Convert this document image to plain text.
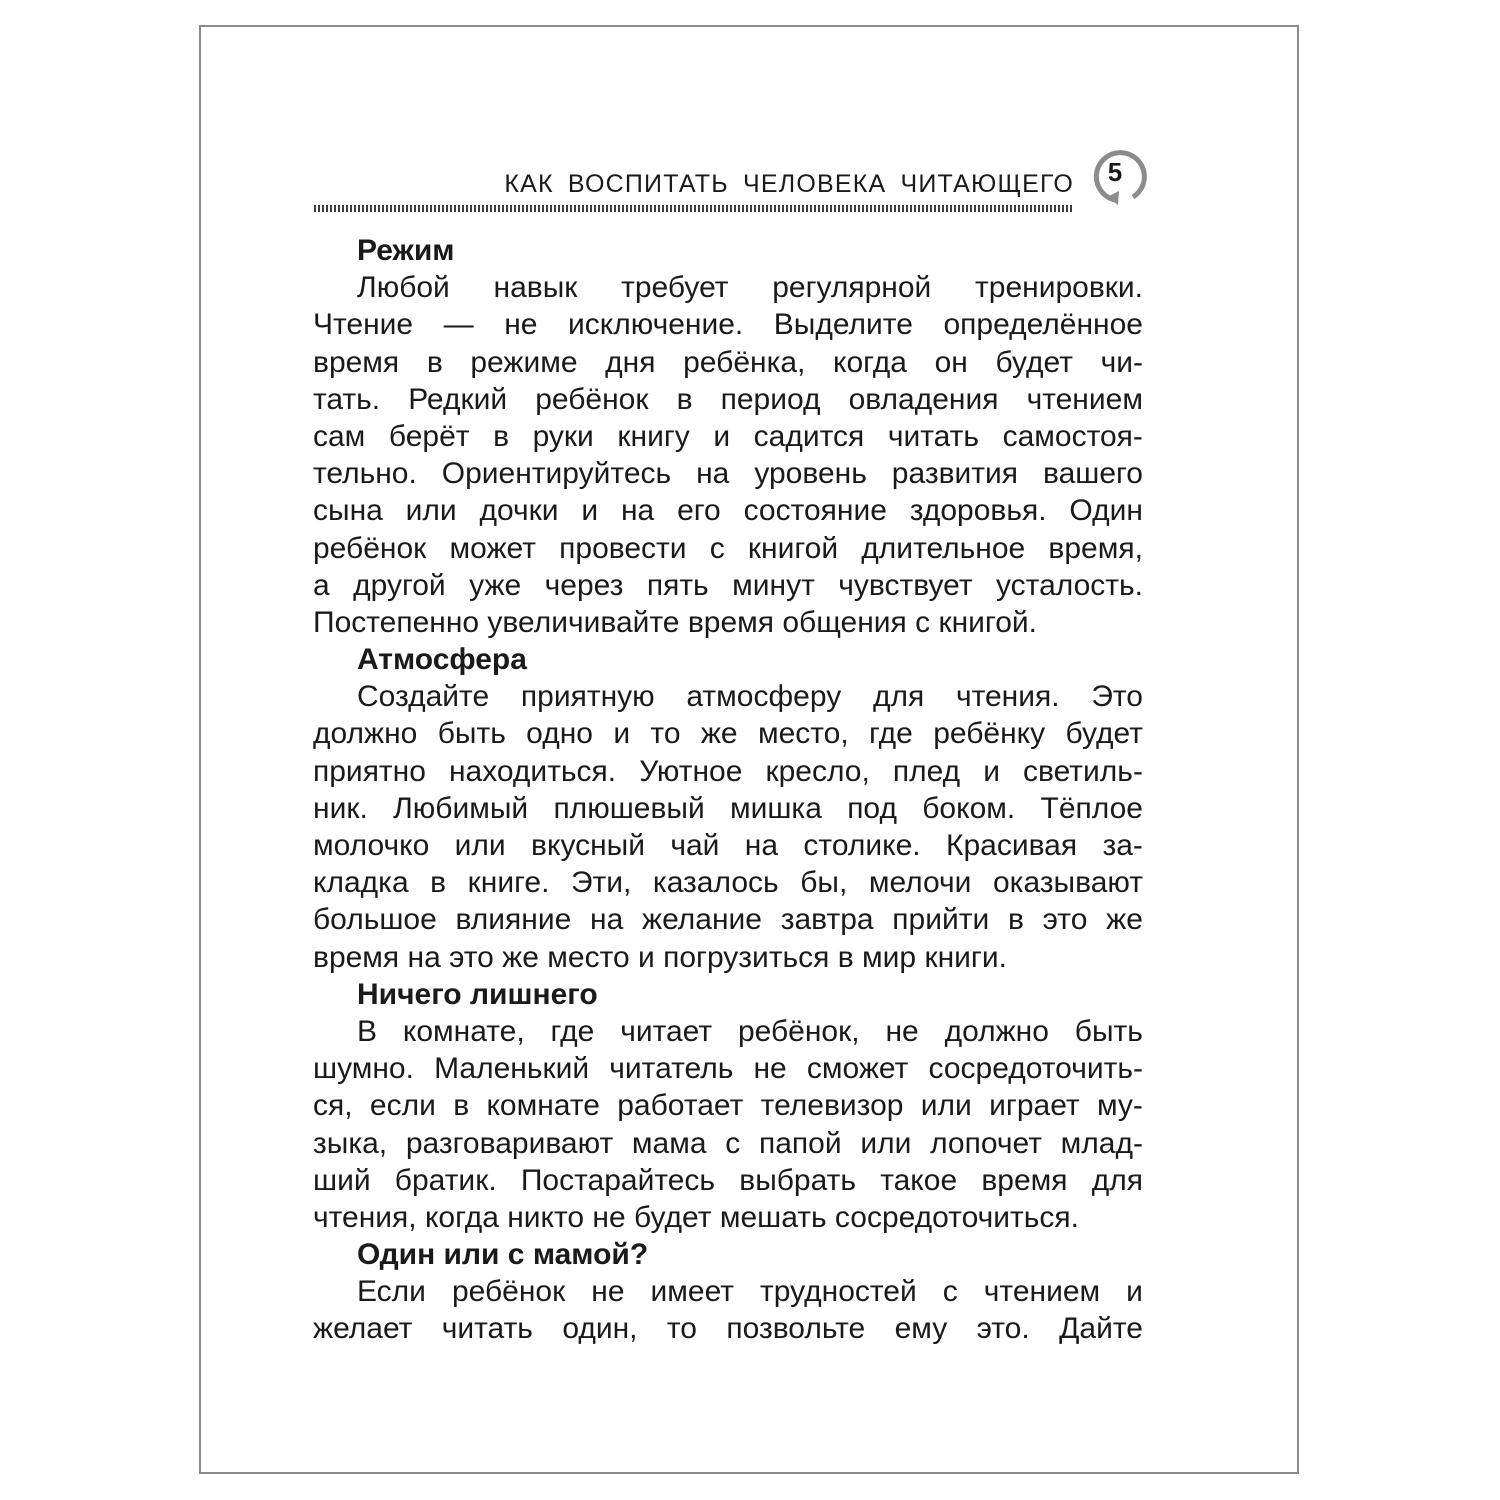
КАК ВОСПИТАТЬ ЧЕЛОВЕКА ЧИТАЮЩЕГО	5
Режим
Любой навык требует регулярной тренировки.
Чтение — не исключение. Выделите определённое
время в режиме дня ребёнка, когда он будет чи-
тать. Редкий ребёнок в период овладения чтением
сам берёт в руки книгу и садится читать самостоя-
тельно. Ориентируйтесь на уровень развития вашего
сына или дочки и на его состояние здоровья. Один
ребёнок может провести с книгой длительное время,
а другой уже через пять минут чувствует усталость.
Постепенно увеличивайте время общения с книгой.
Атмосфера
Создайте приятную атмосферу для чтения. Это
должно быть одно и то же место, где ребёнку будет
приятно находиться. Уютное кресло, плед и светиль-
ник. Любимый плюшевый мишка под боком. Тёплое
молочко или вкусный чай на столике. Красивая за-
кладка в книге. Эти, казалось бы, мелочи оказывают
большое влияние на желание завтра прийти в это же
время на это же место и погрузиться в мир книги.
Ничего лишнего
В комнате, где читает ребёнок, не должно быть
шумно. Маленький читатель не сможет сосредоточить-
ся, если в комнате работает телевизор или играет му-
зыка, разговаривают мама с папой или лопочет млад-
ший братик. Постарайтесь выбрать такое время для
чтения, когда никто не будет мешать сосредоточиться.
Один или с мамой?
Если ребёнок не имеет трудностей с чтением и
желает читать один, то позвольте ему это. Дайте
